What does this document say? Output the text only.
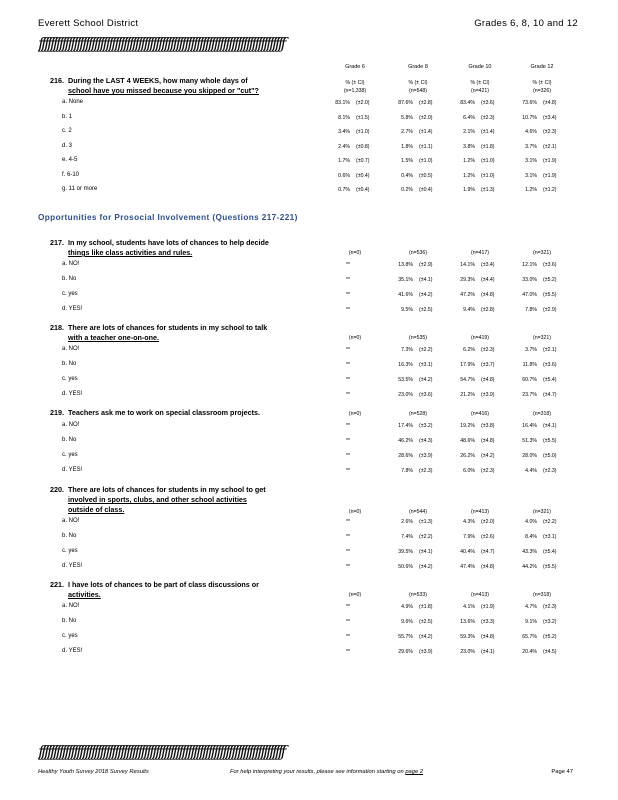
Everett School District	Grades 6, 8, 10 and 12
ƒƒƒƒƒƒƒƒƒƒƒƒƒƒƒƒƒƒƒƒƒƒƒƒƒƒƒƒƒƒƒƒƒƒƒƒƒƒƒƒƒƒƒƒƒƒƒƒƒƒƒƒƒƒƒƒƒƒƒƒƒƒƒƒƒƒƒƒƒƒƒƒƒƒƒƒƒƒƒƒƒƒƒƒ
Grade 6	Grade 8	Grade 10	Grade 12
216. During the LAST 4 WEEKS, how many whole days of
school have you missed because you skipped or "cut"?
% (± CI)	% (± CI)	% (± CI)	% (± CI)
(n=1,338)	(n=548)	(n=421)	(n=326)
a. None	83.1% (±2.0)	87.6% (±2.8)	83.4% (±3.6)	73.6% (±4.8)
b. 1	8.1% (±1.5)	5.8% (±2.0)	6.4% (±2.3)	10.7% (±3.4)
c. 2	3.4% (±1.0)	2.7% (±1.4)	2.1% (±1.4)	4.6% (±2.3)
d. 3	2.4% (±0.8)	1.8% (±1.1)	3.8% (±1.8)	3.7% (±2.1)
e. 4-5	1.7% (±0.7)	1.5% (±1.0)	1.2% (±1.0)	3.1% (±1.9)
f. 6-10	0.6% (±0.4)	0.4% (±0.5)	1.2% (±1.0)	3.1% (±1.9)
g. 11 or more	0.7% (±0.4)	0.2% (±0.4)	1.9% (±1.3)	1.2% (±1.2)
217. In my school, students have lots of chances to help decide
things like class activities and rules.	(n=0)	(n=536)	(n=417)	(n=321)
a. NO!	**	13.8% (±2.9)	14.1% (±3.4)	12.1% (±3.6)
b. No	**	35.1% (±4.1)	29.3% (±4.4)	33.0% (±5.2)
c. yes	**	41.6% (±4.2)	47.2% (±4.8)	47.0% (±5.5)
d. YES!	**	9.5% (±2.5)	9.4% (±2.8)	7.8% (±2.9)
218. There are lots of chances for students in my school to talk
with a teacher one-on-one.	(n=0)	(n=535)	(n=419)	(n=321)
a. NO!	**	7.3% (±2.2)	6.2% (±2.3)	3.7% (±2.1)
b. No	**	16.3% (±3.1)	17.9% (±3.7)	11.8% (±3.6)
c. yes	**	53.5% (±4.2)	54.7% (±4.8)	60.7% (±5.4)
d. YES!	**	23.0% (±3.6)	21.2% (±3.9)	23.7% (±4.7)
219. Teachers ask me to work on special classroom projects.	(n=0)	(n=528)	(n=416)	(n=318)
a. NO!	**	17.4% (±3.2)	19.2% (±3.8)	16.4% (±4.1)
b. No	**	46.2% (±4.3)	48.6% (±4.8)	51.3% (±5.5)
c. yes	**	28.6% (±3.9)	26.2% (±4.2)	28.0% (±5.0)
d. YES!	**	7.8% (±2.3)	6.0% (±2.3)	4.4% (±2.3)
220. There are lots of chances for students in my school to get
involved in sports, clubs, and other school activities
outside of class.	(n=0)	(n=544)	(n=413)	(n=321)
a. NO!	**	2.6% (±1.3)	4.3% (±2.0)	4.0% (±2.2)
b. No	**	7.4% (±2.2)	7.9% (±2.6)	8.4% (±3.1)
c. yes	**	39.5% (±4.1)	40.4% (±4.7)	43.3% (±5.4)
d. YES!	**	50.6% (±4.2)	47.4% (±4.8)	44.2% (±5.5)
221. I have lots of chances to be part of class discussions or
activities.	(n=0)	(n=533)	(n=413)	(n=318)
a. NO!	**	4.9% (±1.8)	4.1% (±1.9)	4.7% (±2.3)
b. No	**	9.6% (±2.5)	13.6% (±3.3)	9.1% (±3.2)
c. yes	**	55.7% (±4.2)	59.3% (±4.8)	65.7% (±5.2)
d. YES!	**	29.6% (±3.9)	23.0% (±4.1)	20.4% (±4.5)
Opportunities for Prosocial Involvement (Questions 217-221)
ƒƒƒƒƒƒƒƒƒƒƒƒƒƒƒƒƒƒƒƒƒƒƒƒƒƒƒƒƒƒƒƒƒƒƒƒƒƒƒƒƒƒƒƒƒƒƒƒƒƒƒƒƒƒƒƒƒƒƒƒƒƒƒƒƒƒƒƒƒƒƒƒƒƒƒƒƒƒƒƒƒƒƒƒ
Healthy Youth Survey 2018 Survey Results	For help interpreting your results, please see information starting on page 2	Page 47
